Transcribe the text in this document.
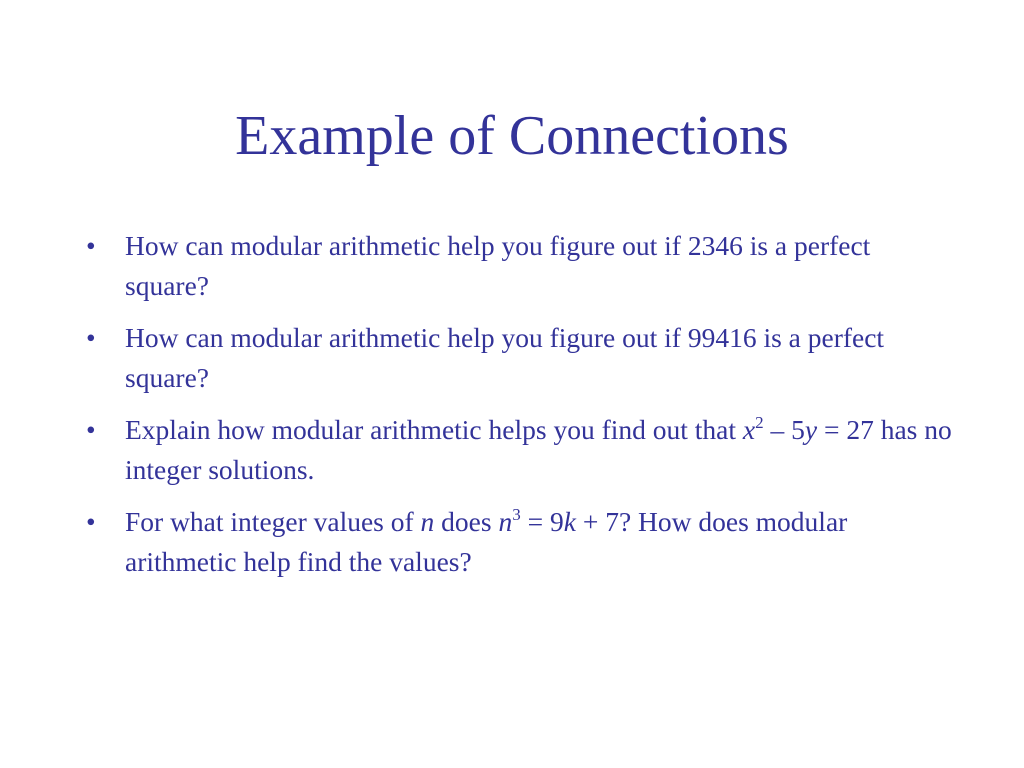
Example of Connections
•	How can modular arithmetic help you figure out if 2346 is a perfect square?
•	How can modular arithmetic help you figure out if 99416 is a perfect square?
•	Explain how modular arithmetic helps you find out that $x^2 - 5y = 27$ has no integer solutions.
•	For what integer values of n does $n^3 = 9k + 7$? How does modular arithmetic help find the values?
